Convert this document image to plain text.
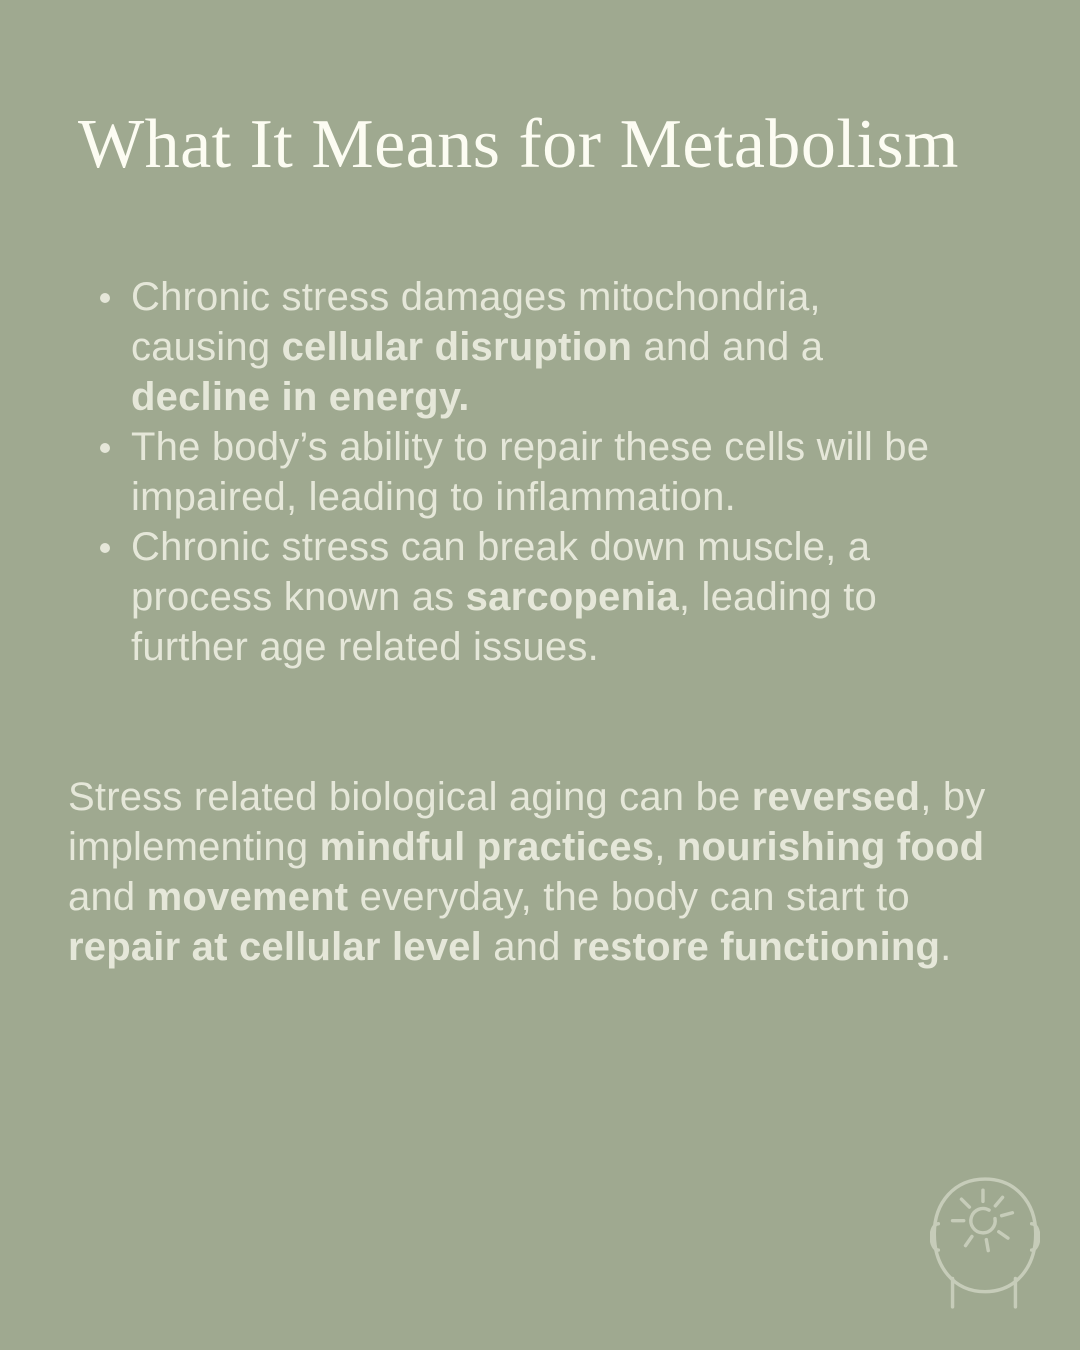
What It Means for Metabolism
Chronic stress damages mitochondria, causing cellular disruption and and a decline in energy.
The body’s ability to repair these cells will be impaired, leading to inflammation.
Chronic stress can break down muscle, a process known as sarcopenia, leading to further age related issues.

Stress related biological aging can be reversed, by implementing mindful practices, nourishing food and movement everyday, the body can start to repair at cellular level and restore functioning.
